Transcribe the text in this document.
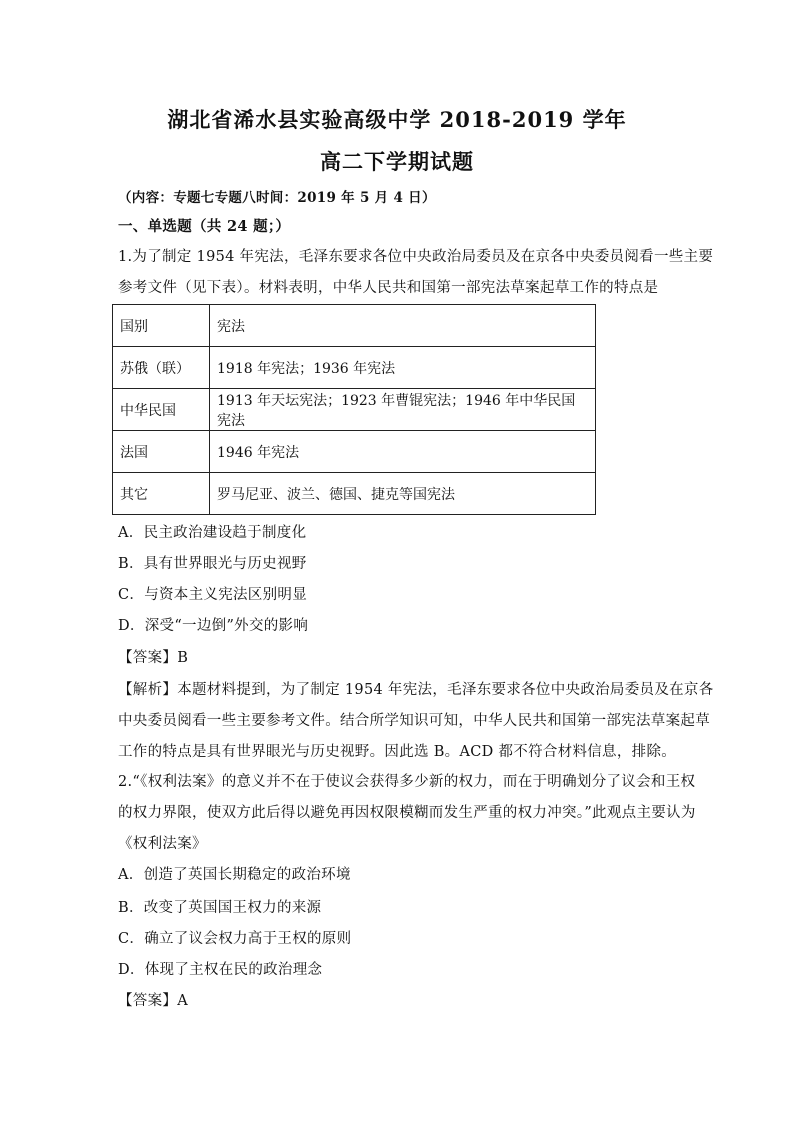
湖北省浠水县实验高级中学 2018-2019 学年
高二下学期试题
（内容：专题七专题八时间：2019 年 5 月 4 日）
一、单选题（共 24 题；）
1.为了制定 1954 年宪法，毛泽东要求各位中央政治局委员及在京各中央委员阅看一些主要
参考文件（见下表）。材料表明，中华人民共和国第一部宪法草案起草工作的特点是
国别	宪法
苏俄（联）	1918 年宪法；1936 年宪法
中华民国	1913 年天坛宪法；1923 年曹锟宪法；1946 年中华民国宪法
法国	1946 年宪法
其它	罗马尼亚、波兰、德国、捷克等国宪法
A．民主政治建设趋于制度化
B．具有世界眼光与历史视野
C．与资本主义宪法区别明显
D．深受“一边倒”外交的影响
【答案】B
【解析】本题材料提到，为了制定 1954 年宪法，毛泽东要求各位中央政治局委员及在京各
中央委员阅看一些主要参考文件。结合所学知识可知，中华人民共和国第一部宪法草案起草
工作的特点是具有世界眼光与历史视野。因此选 B。ACD 都不符合材料信息，排除。
2.“《权利法案》的意义并不在于使议会获得多少新的权力，而在于明确划分了议会和王权
的权力界限，使双方此后得以避免再因权限模糊而发生严重的权力冲突。”此观点主要认为
《权利法案》
A．创造了英国长期稳定的政治环境
B．改变了英国国王权力的来源
C．确立了议会权力高于王权的原则
D．体现了主权在民的政治理念
【答案】A
